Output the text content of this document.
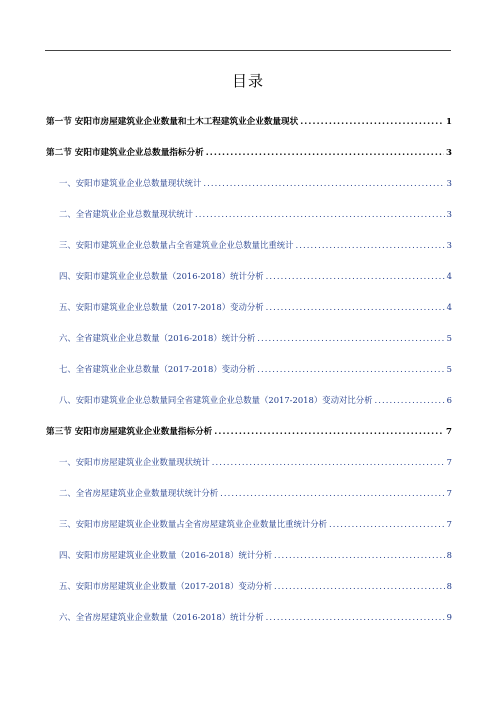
目录
第一节 安阳市房屋建筑业企业数量和土木工程建筑业企业数量现状 .....	1
第二节 安阳市建筑业企业总数量指标分析 .....	3
一、安阳市建筑业企业总数量现状统计 .....	3
二、全省建筑业企业总数量现状统计 .....	3
三、安阳市建筑业企业总数量占全省建筑业企业总数量比重统计 .....	3
四、安阳市建筑业企业总数量（2016-2018）统计分析 .....	4
五、安阳市建筑业企业总数量（2017-2018）变动分析 .....	4
六、全省建筑业企业总数量（2016-2018）统计分析 .....	5
七、全省建筑业企业总数量（2017-2018）变动分析 .....	5
八、安阳市建筑业企业总数量同全省建筑业企业总数量（2017-2018）变动对比分析 .....	6
第三节 安阳市房屋建筑业企业数量指标分析 .....	7
一、安阳市房屋建筑业企业数量现状统计 .....	7
二、全省房屋建筑业企业数量现状统计分析 .....	7
三、安阳市房屋建筑业企业数量占全省房屋建筑业企业数量比重统计分析 .....	7
四、安阳市房屋建筑业企业数量（2016-2018）统计分析 .....	8
五、安阳市房屋建筑业企业数量（2017-2018）变动分析 .....	8
六、全省房屋建筑业企业数量（2016-2018）统计分析 .....	9
